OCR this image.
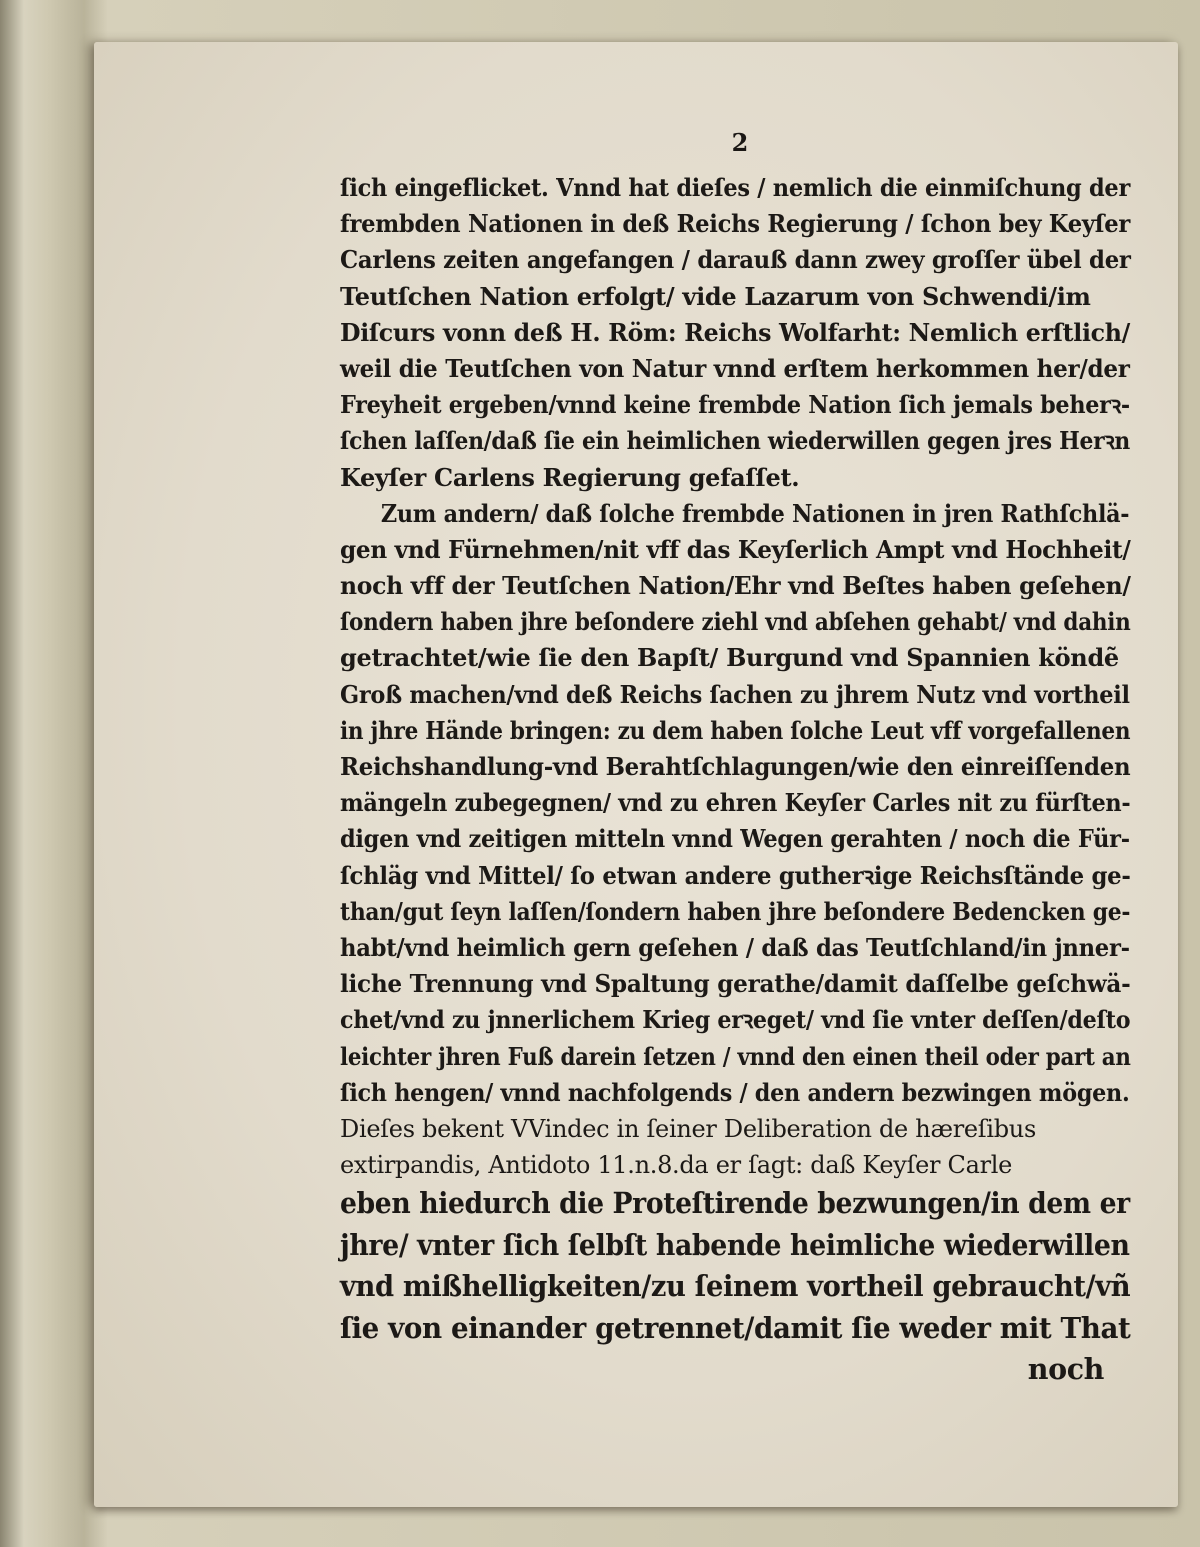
2
ſich eingeflicket. Vnnd hat dieſes / nemlich die einmiſchung der
frembden Nationen in deß Reichs Regierung / ſchon bey Keyſer
Carlens zeiten angefangen / darauß dann zwey groſſer übel der
Teutſchen Nation erfolgt/ vide Lazarum von Schwendi/im
Diſcurs vonn deß H. Röm: Reichs Wolfarht: Nemlich erſtlich/
weil die Teutſchen von Natur vnnd erſtem herkommen her/der
Freyheit ergeben/vnnd keine frembde Nation ſich jemals beherꝛ-
ſchen laſſen/daß ſie ein heimlichen wiederwillen gegen jres Herꝛn
Keyſer Carlens Regierung gefaſſet.
Zum andern/ daß ſolche frembde Nationen in jren Rathſchlä-
gen vnd Fürnehmen/nit vff das Keyſerlich Ampt vnd Hochheit/
noch vff der Teutſchen Nation/Ehr vnd Beſtes haben geſehen/
ſondern haben jhre beſondere ziehl vnd abſehen gehabt/ vnd dahin
getrachtet/wie ſie den Bapſt/ Burgund vnd Spannien köndẽ
Groß machen/vnd deß Reichs ſachen zu jhrem Nutz vnd vortheil
in jhre Hände bringen: zu dem haben ſolche Leut vff vorgefallenen
Reichshandlung-vnd Berahtſchlagungen/wie den einreiſſenden
mängeln zubegegnen/ vnd zu ehren Keyſer Carles nit zu fürſten-
digen vnd zeitigen mitteln vnnd Wegen gerahten / noch die Für-
ſchläg vnd Mittel/ ſo etwan andere gutherꝛige Reichsſtände ge-
than/gut ſeyn laſſen/ſondern haben jhre beſondere Bedencken ge-
habt/vnd heimlich gern geſehen / daß das Teutſchland/in jnner-
liche Trennung vnd Spaltung gerathe/damit daſſelbe geſchwä-
chet/vnd zu jnnerlichem Krieg erꝛeget/ vnd ſie vnter deſſen/deſto
leichter jhren Fuß darein ſetzen / vnnd den einen theil oder part an
ſich hengen/ vnnd nachfolgends / den andern bezwingen mögen.
Dieſes bekent VVindec in ſeiner Deliberation de hæreſibus
extirpandis, Antidoto 11.n.8.da er ſagt: daß Keyſer Carle
eben hiedurch die Proteſtirende bezwungen/in dem er
jhre/ vnter ſich ſelbſt habende heimliche wiederwillen
vnd mißhelligkeiten/zu ſeinem vortheil gebraucht/vñ
ſie von einander getrennet/damit ſie weder mit That
noch
